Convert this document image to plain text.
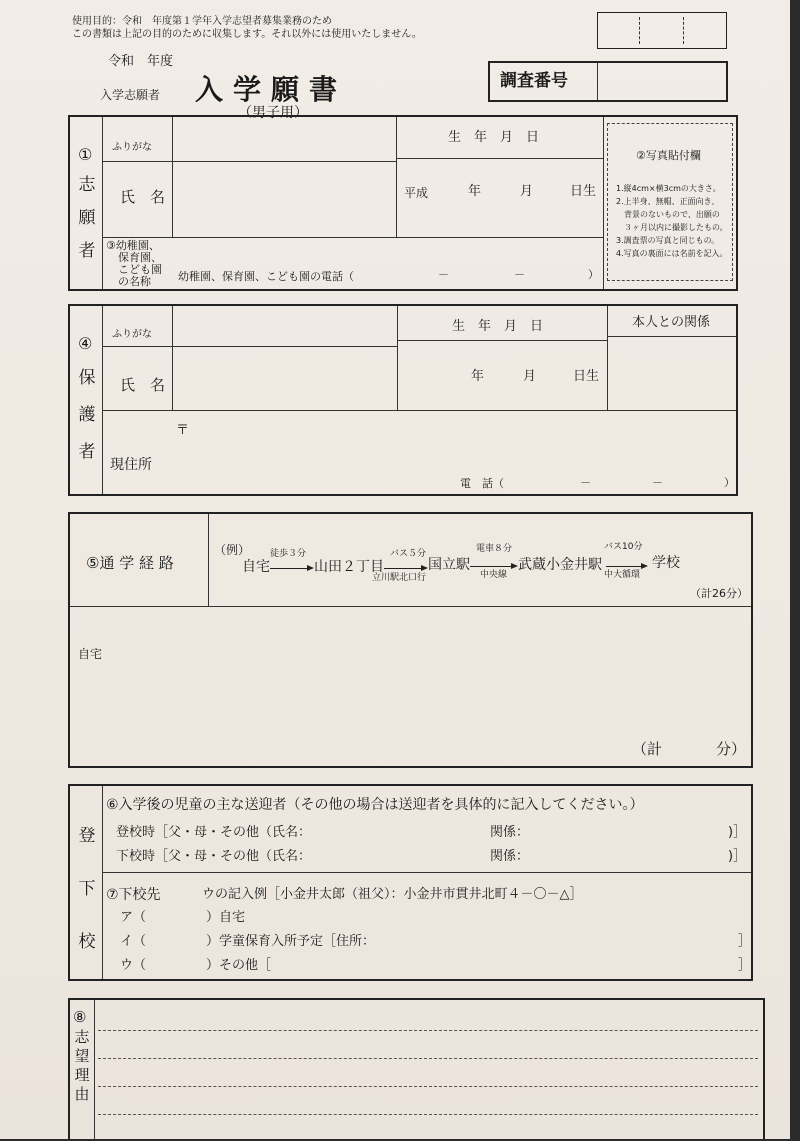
使用目的：令和　年度第１学年入学志望者募集業務のため
この書類は上記の目的のために収集します。それ以外には使用いたしません。
令和　年度
入学志願者 入学願書
（男子用）
調査番号
①
志
願
者
ふりがな
氏　名
生　年　月　日
平成	年	月	日生
③幼稚園、
保育園、
こども園
の名称	幼稚園、保育園、こども園の電話（	－	－	）
②写真貼付欄
1.縦4cm×横3cmの大きさ。
2.上半身、無帽、正面向き、
背景のないもので、出願の
３ヶ月以内に撮影したもの。
3.調査票の写真と同じもの。
4.写真の裏面には名前を記入。
④
保
護
者
ふりがな
氏　名
生　年　月　日
年	月	日生
本人との関係
現住所
〒
電　話（	－	－	）
⑤通 学 経 路
（例）
自宅
徒歩３分
山田２丁目
バス５分
立川駅北口行
国立駅
電車８分
中央線
武蔵小金井駅
バス10分
中大循環
学校
（計26分）
自宅
（計	分）
登
下
校
⑥入学後の児童の主な送迎者（その他の場合は送迎者を具体的に記入してください。）
登校時［父・母・その他（氏名：	関係：	)］
下校時［父・母・その他（氏名：	関係：	)］
⑦下校先	ウの記入例［小金井太郎（祖父）：小金井市貫井北町４－〇－△］
ア（	）自宅
イ（	）学童保育入所予定［住所：	］
ウ（	）その他［	］
⑧
志
望
理
由
